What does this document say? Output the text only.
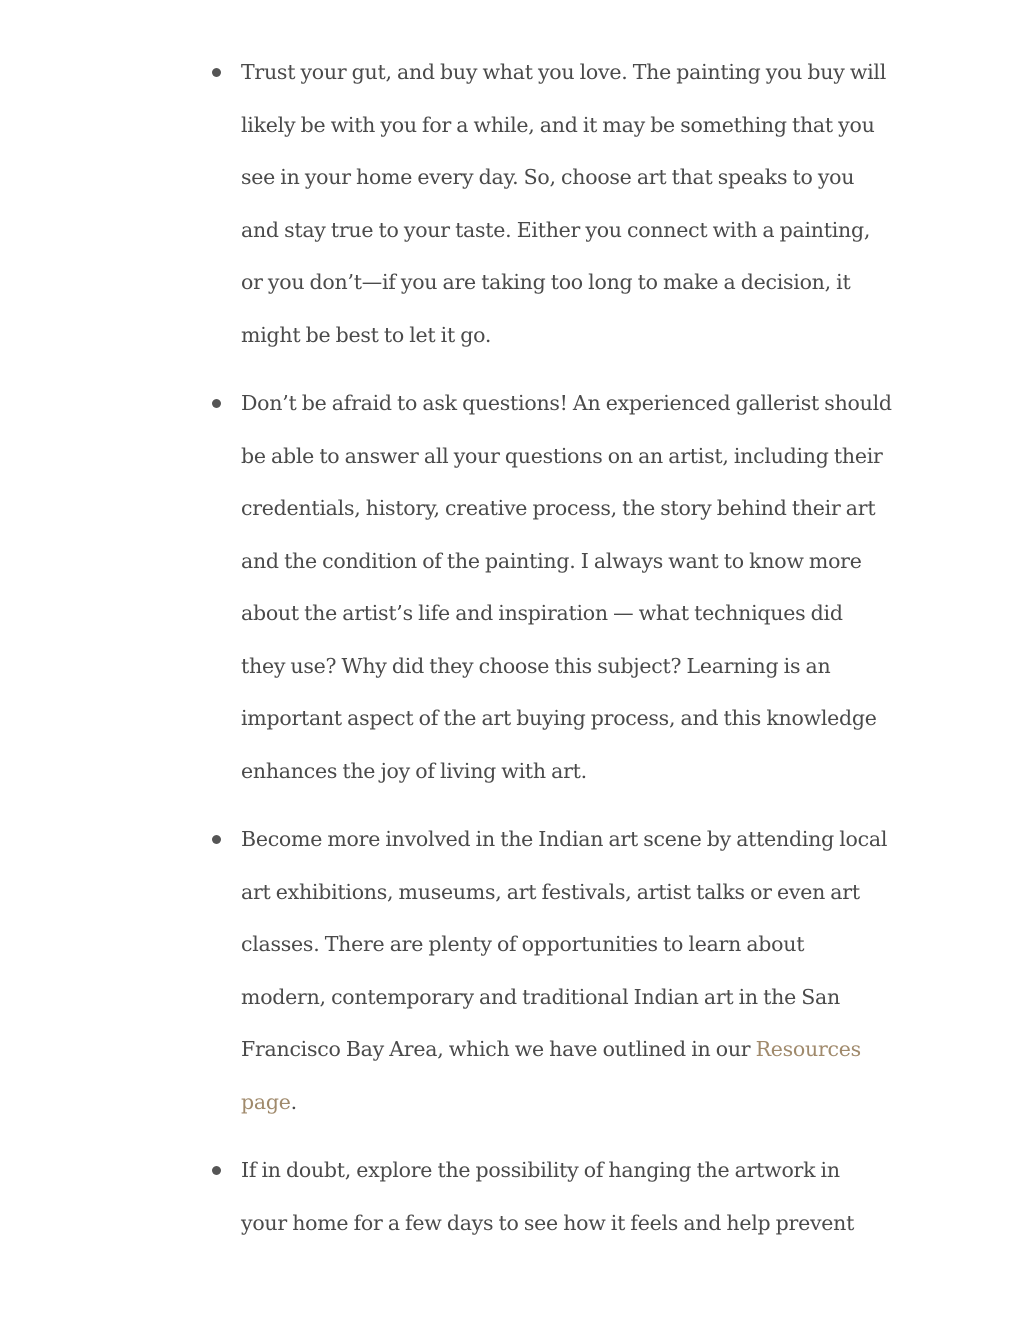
Trust your gut, and buy what you love. The painting you buy will
likely be with you for a while, and it may be something that you
see in your home every day. So, choose art that speaks to you
and stay true to your taste. Either you connect with a painting,
or you don’t—if you are taking too long to make a decision, it
might be best to let it go.

Don’t be afraid to ask questions! An experienced gallerist should
be able to answer all your questions on an artist, including their
credentials, history, creative process, the story behind their art
and the condition of the painting. I always want to know more
about the artist’s life and inspiration — what techniques did
they use? Why did they choose this subject? Learning is an
important aspect of the art buying process, and this knowledge
enhances the joy of living with art.

Become more involved in the Indian art scene by attending local
art exhibitions, museums, art festivals, artist talks or even art
classes. There are plenty of opportunities to learn about
modern, contemporary and traditional Indian art in the San
Francisco Bay Area, which we have outlined in our Resources
page.

If in doubt, explore the possibility of hanging the artwork in
your home for a few days to see how it feels and help prevent
